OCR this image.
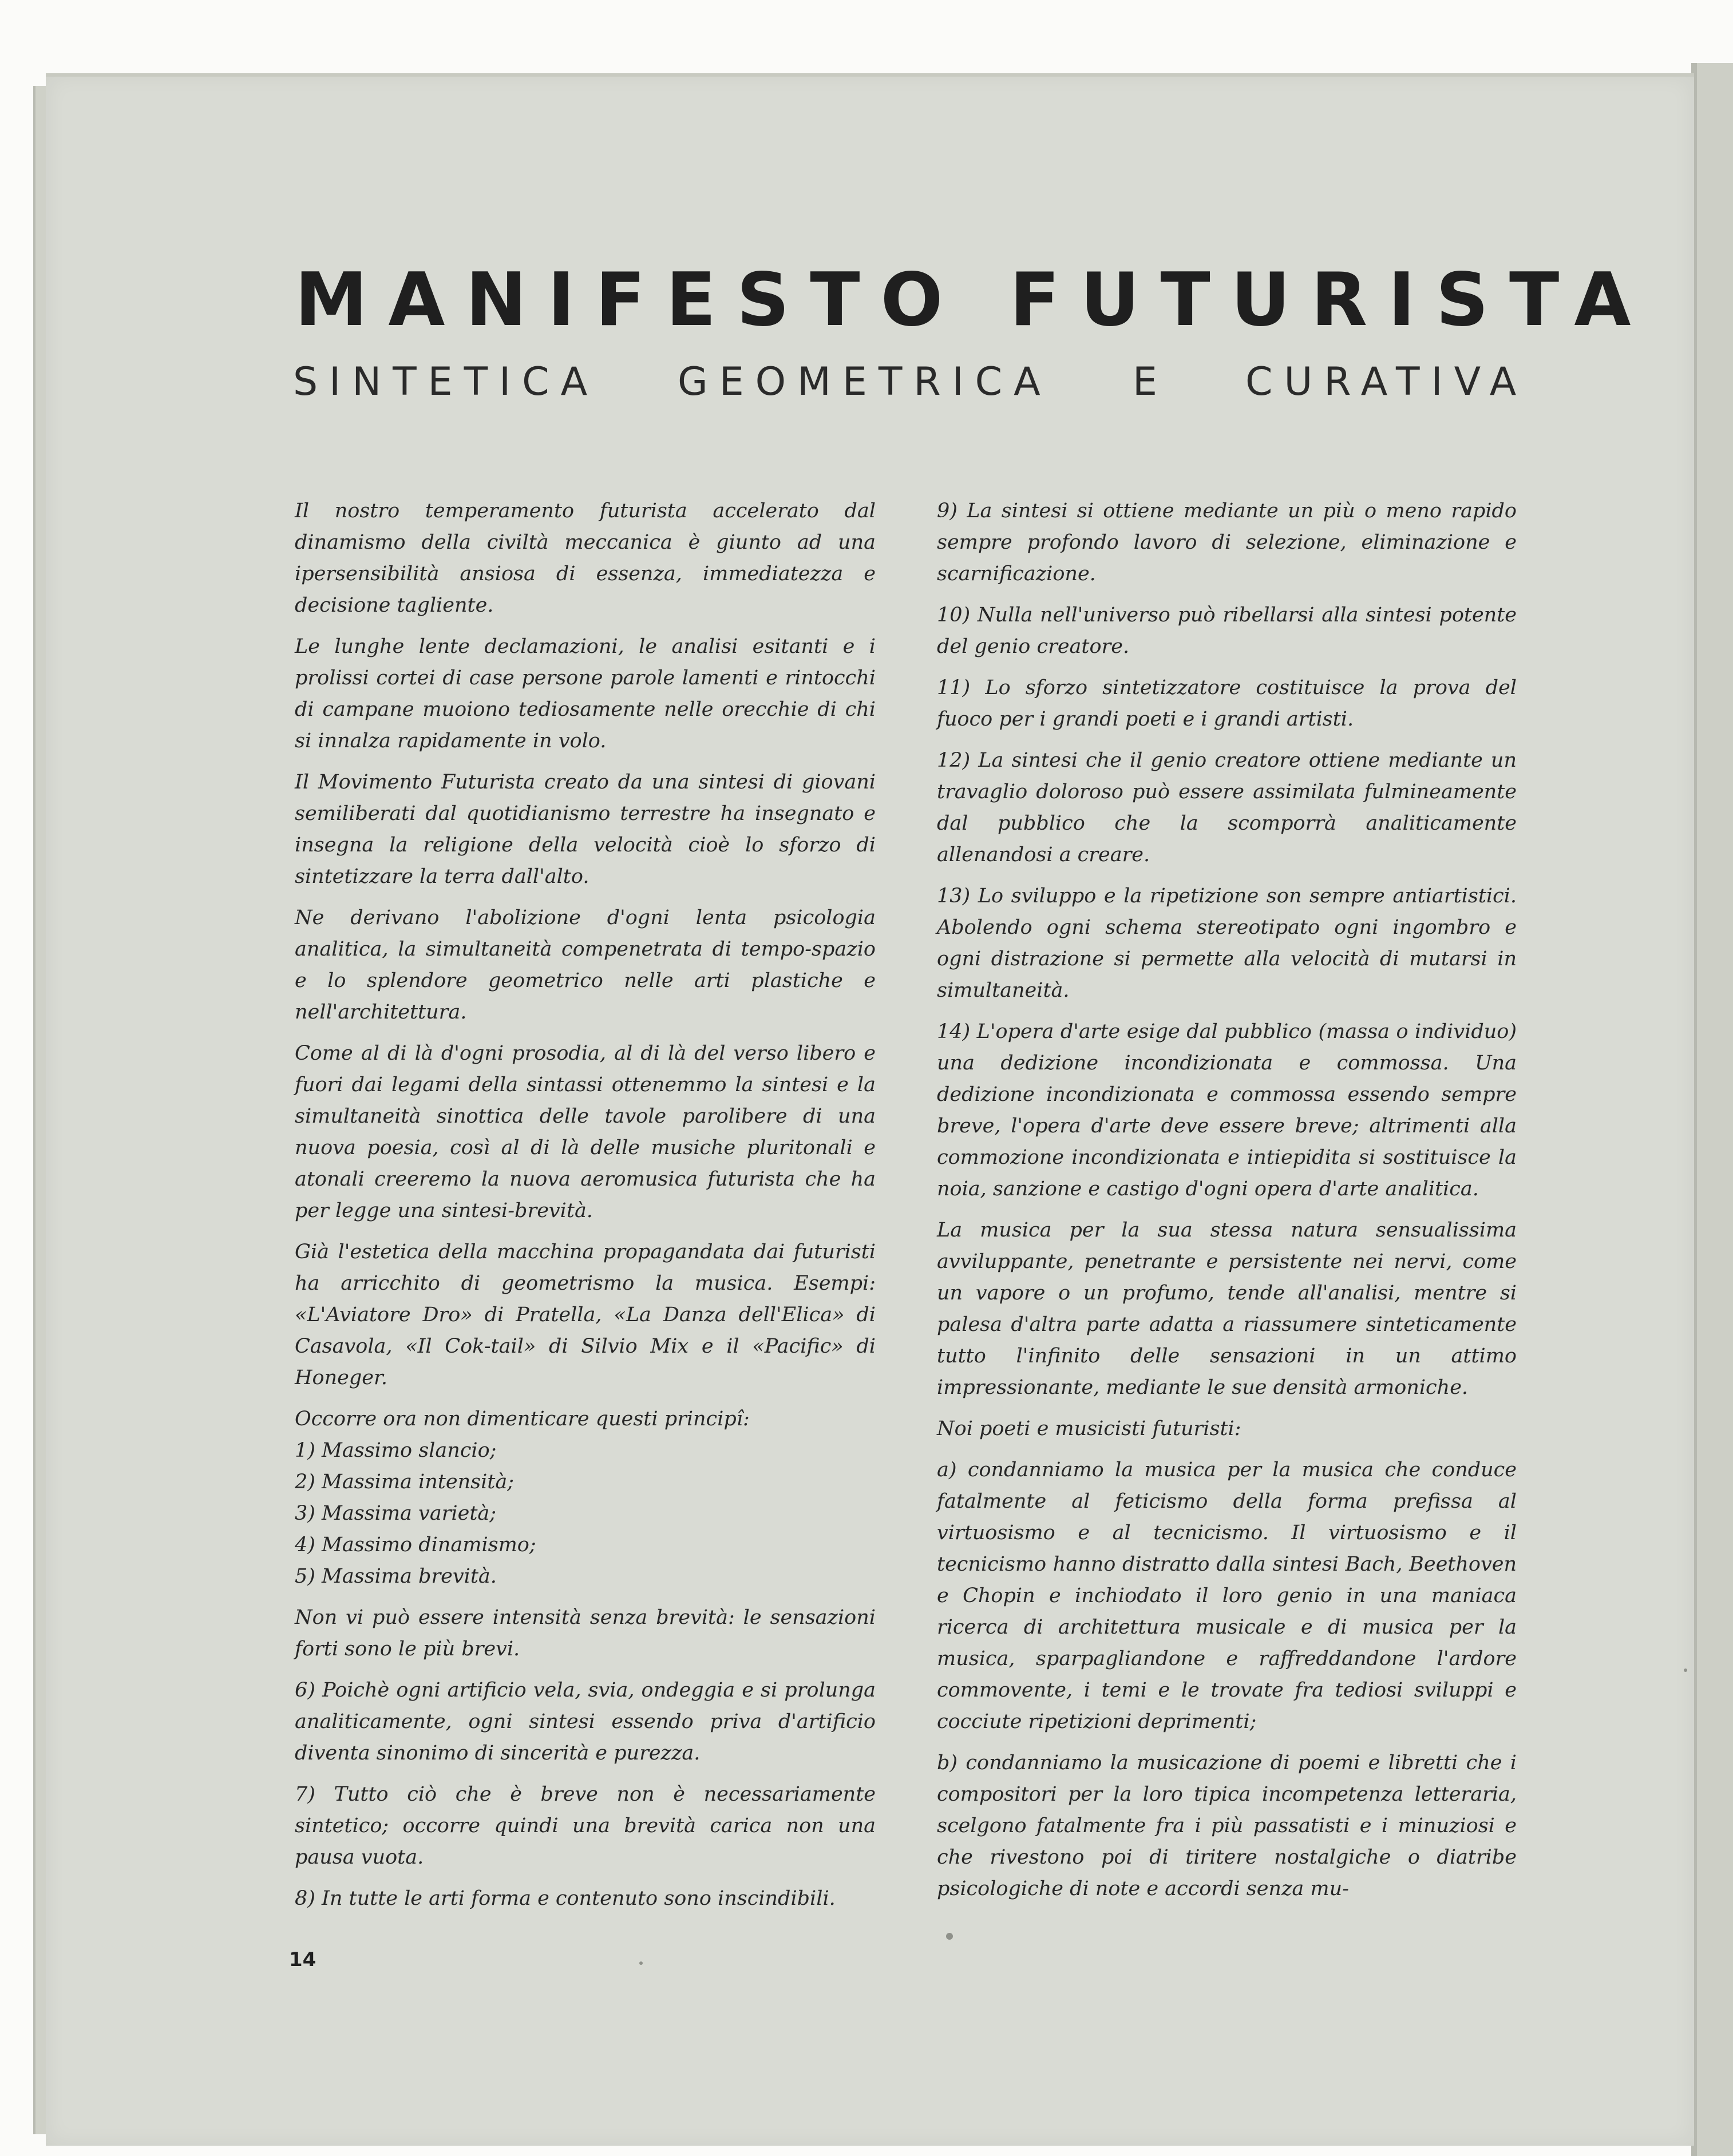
MANIFESTO FUTURISTA
SINTETICA GEOMETRICA E CURATIVA

Il nostro temperamento futurista accelerato dal dinamismo della civiltà meccanica è giunto ad una ipersensibilità ansiosa di essenza, immediatezza e decisione tagliente.

Le lunghe lente declamazioni, le analisi esitanti e i prolissi cortei di case persone parole lamenti e rintocchi di campane muoiono tediosamente nelle orecchie di chi si innalza rapidamente in volo.

Il Movimento Futurista creato da una sintesi di giovani semiliberati dal quotidianismo terrestre ha insegnato e insegna la religione della velocità cioè lo sforzo di sintetizzare la terra dall'alto.

Ne derivano l'abolizione d'ogni lenta psicologia analitica, la simultaneità compenetrata di tempo-spazio e lo splendore geometrico nelle arti plastiche e nell'architettura.

Come al di là d'ogni prosodia, al di là del verso libero e fuori dai legami della sintassi ottenemmo la sintesi e la simultaneità sinottica delle tavole parolibere di una nuova poesia, così al di là delle musiche pluritonali e atonali creeremo la nuova aeromusica futurista che ha per legge una sintesi-brevità.

Già l'estetica della macchina propagandata dai futuristi ha arricchito di geometrismo la musica. Esempi: «L'Aviatore Dro» di Pratella, «La Danza dell'Elica» di Casavola, «Il Cok-tail» di Silvio Mix e il «Pacific» di Honeger.

Occorre ora non dimenticare questi principî:

1) Massimo slancio;

2) Massima intensità;

3) Massima varietà;

4) Massimo dinamismo;

5) Massima brevità.

Non vi può essere intensità senza brevità: le sensazioni forti sono le più brevi.

6) Poichè ogni artificio vela, svia, ondeggia e si prolunga analiticamente, ogni sintesi essendo priva d'artificio diventa sinonimo di sincerità e purezza.

7) Tutto ciò che è breve non è necessariamente sintetico; occorre quindi una brevità carica non una pausa vuota.

8) In tutte le arti forma e contenuto sono inscindibili.

9) La sintesi si ottiene mediante un più o meno rapido sempre profondo lavoro di selezione, eliminazione e scarnificazione.

10) Nulla nell'universo può ribellarsi alla sintesi potente del genio creatore.

11) Lo sforzo sintetizzatore costituisce la prova del fuoco per i grandi poeti e i grandi artisti.

12) La sintesi che il genio creatore ottiene mediante un travaglio doloroso può essere assimilata fulmineamente dal pubblico che la scomporrà analiticamente allenandosi a creare.

13) Lo sviluppo e la ripetizione son sempre antiartistici. Abolendo ogni schema stereotipato ogni ingombro e ogni distrazione si permette alla velocità di mutarsi in simultaneità.

14) L'opera d'arte esige dal pubblico (massa o individuo) una dedizione incondizionata e commossa. Una dedizione incondizionata e commossa essendo sempre breve, l'opera d'arte deve essere breve; altrimenti alla commozione incondizionata e intiepidita si sostituisce la noia, sanzione e castigo d'ogni opera d'arte analitica.

La musica per la sua stessa natura sensualissima avviluppante, penetrante e persistente nei nervi, come un vapore o un profumo, tende all'analisi, mentre si palesa d'altra parte adatta a riassumere sinteticamente tutto l'infinito delle sensazioni in un attimo impressionante, mediante le sue densità armoniche.

Noi poeti e musicisti futuristi:

a) condanniamo la musica per la musica che conduce fatalmente al feticismo della forma prefissa al virtuosismo e al tecnicismo. Il virtuosismo e il tecnicismo hanno distratto dalla sintesi Bach, Beethoven e Chopin e inchiodato il loro genio in una maniaca ricerca di architettura musicale e di musica per la musica, sparpagliandone e raffreddandone l'ardore commovente, i temi e le trovate fra tediosi sviluppi e cocciute ripetizioni deprimenti;

b) condanniamo la musicazione di poemi e libretti che i compositori per la loro tipica incompetenza letteraria, scelgono fatalmente fra i più passatisti e i minuziosi e che rivestono poi di tiritere nostalgiche o diatribe psicologiche di note e accordi senza mu-

14
